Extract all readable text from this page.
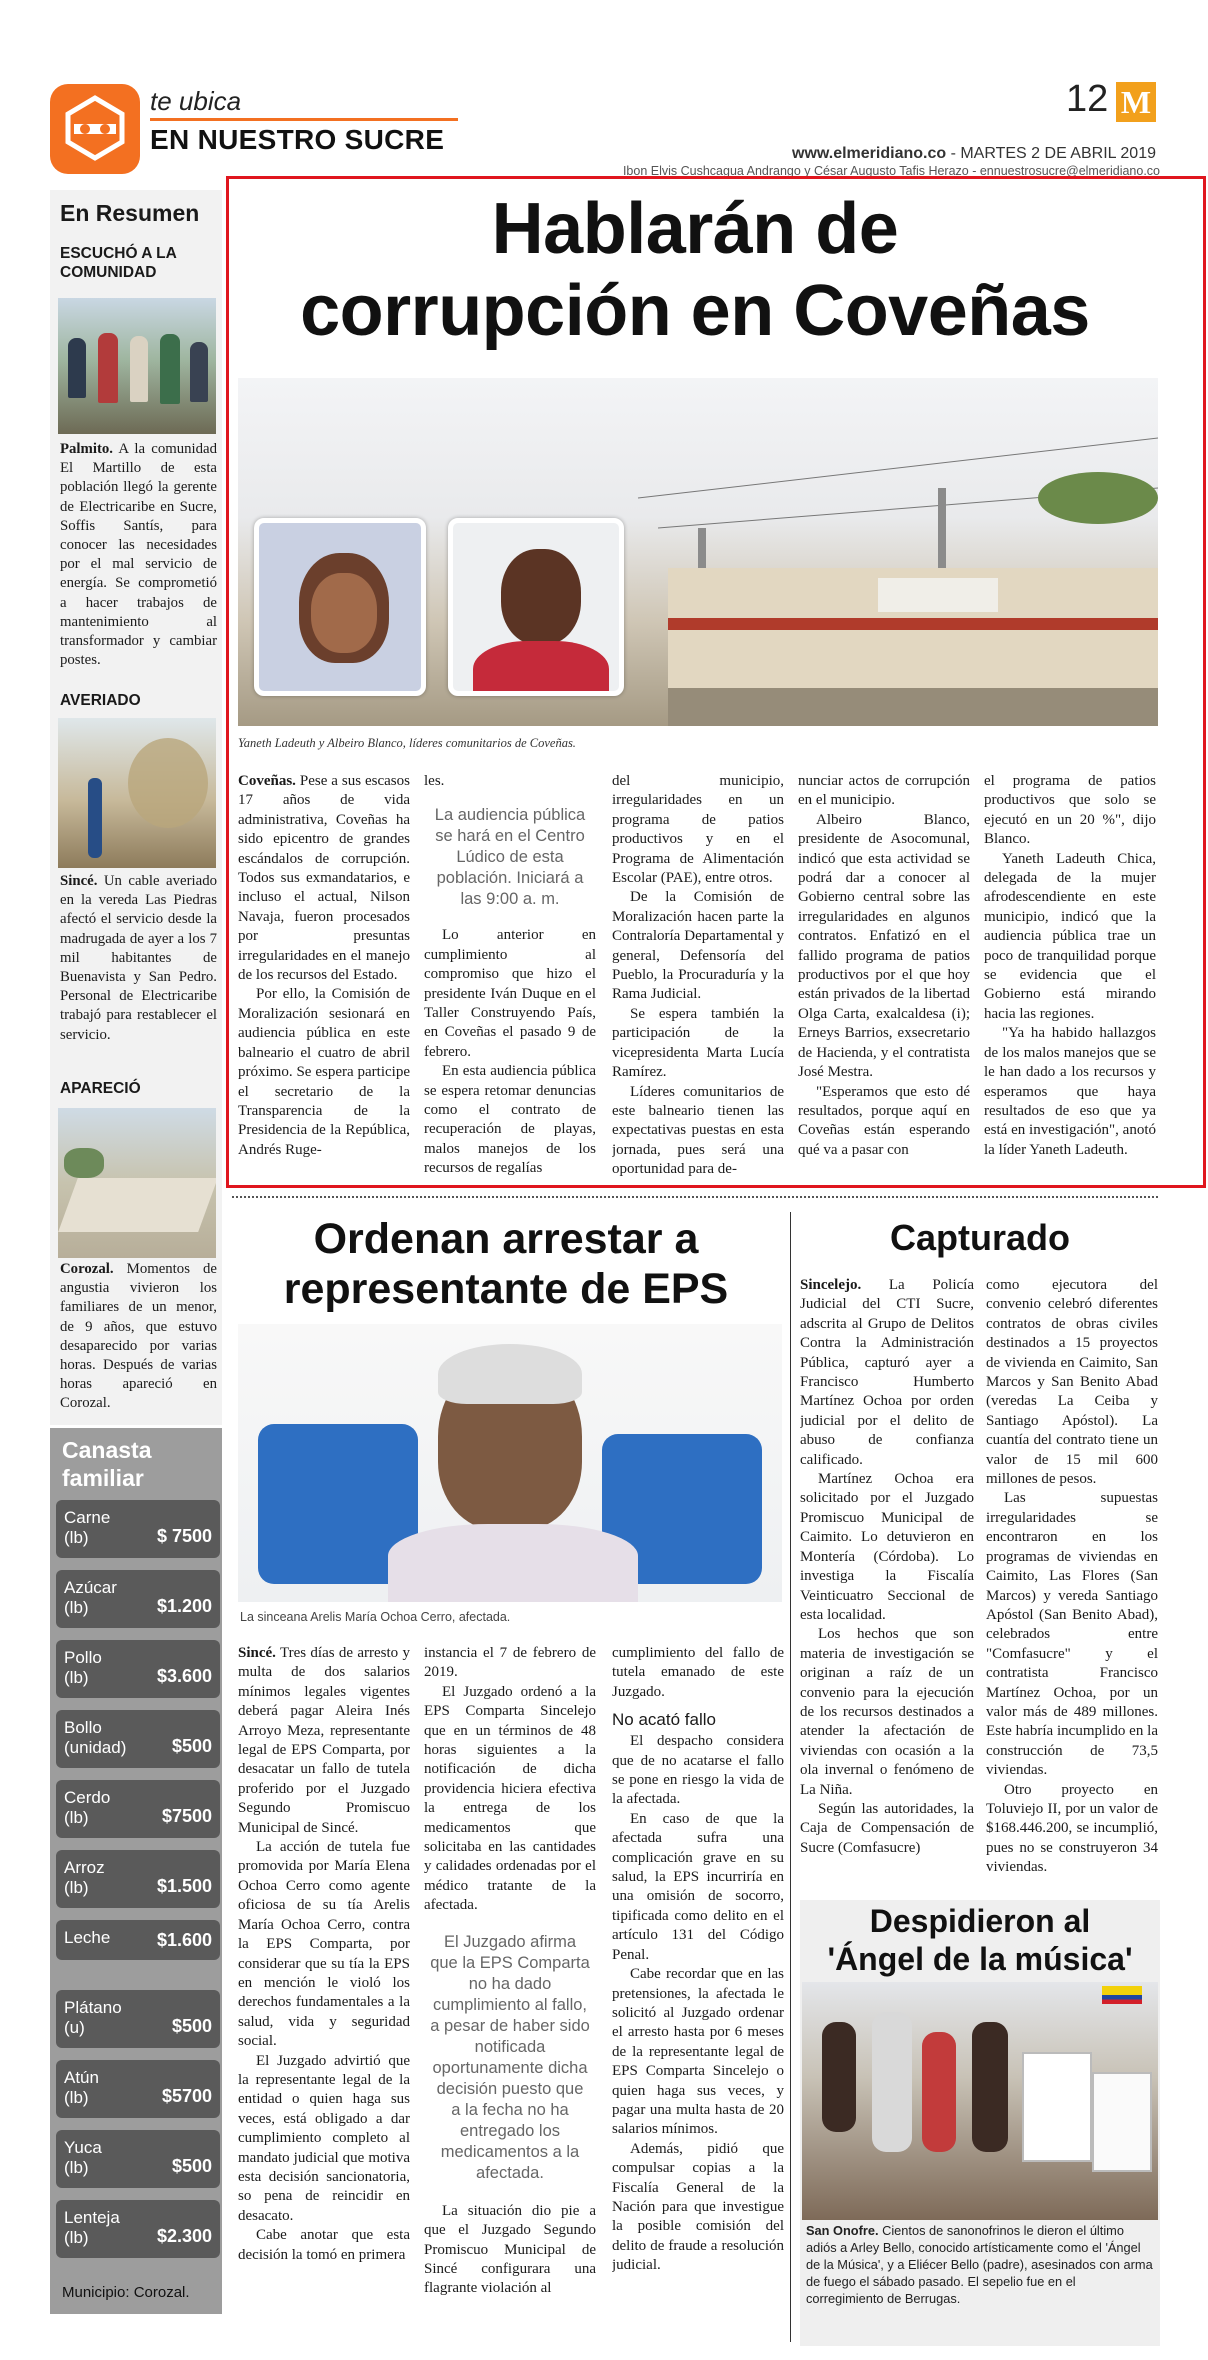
te ubica
EN NUESTRO SUCRE
12 M
www.elmeridiano.co - MARTES 2 DE ABRIL 2019
Ibon Elvis Cushcagua Andrango y César Augusto Tafis Herazo - ennuestrosucre@elmeridiano.co
En Resumen
ESCUCHÓ A LA COMUNIDAD
Palmito. A la comunidad El Martillo de esta población llegó la gerente de Electricaribe en Sucre, Soffis Santís, para conocer las necesidades por el mal servicio de energía. Se comprometió a hacer trabajos de mantenimiento al transformador y cambiar postes.
AVERIADO
Sincé. Un cable averiado en la vereda Las Piedras afectó el servicio desde la madrugada de ayer a los 7 mil habitantes de Buenavista y San Pedro. Personal de Electricaribe trabajó para restablecer el servicio.
APARECIÓ
Corozal. Momentos de angustia vivieron los familiares de un menor, de 9 años, que estuvo desaparecido por varias horas. Después de varias horas apareció en Corozal.
Canasta
familiar
Carne
(lb)	$ 7500
Azúcar
(lb)	$1.200
Pollo
(lb)	$3.600
Bollo
(unidad)	$500
Cerdo
(lb)	$7500
Arroz
(lb)	$1.500
Leche	$1.600
Plátano
(u)	$500
Atún
(lb)	$5700
Yuca
(lb)	$500
Lenteja
(lb)	$2.300
Municipio: Corozal.
Hablarán de
corrupción en Coveñas
Yaneth Ladeuth y Albeiro Blanco, líderes comunitarios de Coveñas.

Coveñas. Pese a sus escasos 17 años de vida administrativa, Coveñas ha sido epicentro de grandes escándalos de corrupción. Todos sus exmandatarios, e incluso el actual, Nilson Navaja, fueron procesados por presuntas irregularidades en el manejo de los recursos del Estado.

Por ello, la Comisión de Moralización sesionará en audiencia pública en este balneario el cuatro de abril próximo. Se espera participe el secretario de la Transparencia de la Presidencia de la República, Andrés Ruge-

les.

La audiencia pública se hará en el Centro Lúdico de esta población. Iniciará a las 9:00 a. m.

Lo anterior en cumplimiento al compromiso que hizo el presidente Iván Duque en el Taller Construyendo País, en Coveñas el pasado 9 de febrero.

En esta audiencia pública se espera retomar denuncias como el contrato de recuperación de playas, malos manejos de los recursos de regalías

del municipio, irregularidades en un programa de patios productivos y en el Programa de Alimentación Escolar (PAE), entre otros.

De la Comisión de Moralización hacen parte la Contraloría Departamental y general, Defensoría del Pueblo, la Procuraduría y la Rama Judicial.

Se espera también la participación de la vicepresidenta Marta Lucía Ramírez.

Líderes comunitarios de este balneario tienen las expectativas puestas en esta jornada, pues será una oportunidad para de-

nunciar actos de corrupción en el municipio.

Albeiro Blanco, presidente de Asocomunal, indicó que esta actividad se podrá dar a conocer al Gobierno central sobre las irregularidades en algunos contratos. Enfatizó en el fallido programa de patios productivos por el que hoy están privados de la libertad Olga Carta, exalcaldesa (i); Erneys Barrios, exsecretario de Hacienda, y el contratista José Mestra.

"Esperamos que esto dé resultados, porque aquí en Coveñas están esperando qué va a pasar con

el programa de patios productivos que solo se ejecutó en un 20 %", dijo Blanco.

Yaneth Ladeuth Chica, delegada de la mujer afrodescendiente en este municipio, indicó que la audiencia pública trae un poco de tranquilidad porque se evidencia que el Gobierno está mirando hacia las regiones.

"Ya ha habido hallazgos de los malos manejos que se le han dado a los recursos y esperamos que haya resultados de eso que ya está en investigación", anotó la líder Yaneth Ladeuth.

Ordenan arrestar a
representante de EPS
La sinceana Arelis María Ochoa Cerro, afectada.

Sincé. Tres días de arresto y multa de dos salarios mínimos legales vigentes deberá pagar Aleira Inés Arroyo Meza, representante legal de EPS Comparta, por desacatar un fallo de tutela proferido por el Juzgado Segundo Promiscuo Municipal de Sincé.

La acción de tutela fue promovida por María Elena Ochoa Cerro como agente oficiosa de su tía Arelis María Ochoa Cerro, contra la EPS Comparta, por considerar que su tía la EPS en mención le violó los derechos fundamentales a la salud, vida y seguridad social.

El Juzgado advirtió que la representante legal de la entidad o quien haga sus veces, está obligado a dar cumplimiento completo al mandato judicial que motiva esta decisión sancionatoria, so pena de reincidir en desacato.

Cabe anotar que esta decisión la tomó en primera

instancia el 7 de febrero de 2019.

El Juzgado ordenó a la EPS Comparta Sincelejo que en un términos de 48 horas siguientes a la notificación de dicha providencia hiciera efectiva la entrega de los medicamentos que solicitaba en las cantidades y calidades ordenadas por el médico tratante de la afectada.

El Juzgado afirma que la EPS Comparta no ha dado cumplimiento al fallo, a pesar de haber sido notificada oportunamente dicha decisión puesto que a la fecha no ha entregado los medicamentos a la afectada.

La situación dio pie a que el Juzgado Segundo Promiscuo Municipal de Sincé configurara una flagrante violación al

cumplimiento del fallo de tutela emanado de este Juzgado.

No acató fallo

El despacho considera que de no acatarse el fallo se pone en riesgo la vida de la afectada.

En caso de que la afectada sufra una complicación grave en su salud, la EPS incurriría en una omisión de socorro, tipificada como delito en el artículo 131 del Código Penal.

Cabe recordar que en las pretensiones, la afectada le solicitó al Juzgado ordenar el arresto hasta por 6 meses de la representante legal de EPS Comparta Sincelejo o quien haga sus veces, y pagar una multa hasta de 20 salarios mínimos.

Además, pidió que compulsar copias a la Fiscalía General de la Nación para que investigue la posible comisión del delito de fraude a resolución judicial.

Capturado

Sincelejo. La Policía Judicial del CTI Sucre, adscrita al Grupo de Delitos Contra la Administración Pública, capturó ayer a Francisco Humberto Martínez Ochoa por orden judicial por el delito de abuso de confianza calificado.

Martínez Ochoa era solicitado por el Juzgado Promiscuo Municipal de Caimito. Lo detuvieron en Montería (Córdoba). Lo investiga la Fiscalía Veinticuatro Seccional de esta localidad.

Los hechos que son materia de investigación se originan a raíz de un convenio para la ejecución de los recursos destinados a atender la afectación de viviendas con ocasión a la ola invernal o fenómeno de La Niña.

Según las autoridades, la Caja de Compensación de Sucre (Comfasucre)

como ejecutora del convenio celebró diferentes contratos de obras civiles destinados a 15 proyectos de vivienda en Caimito, San Marcos y San Benito Abad (veredas La Ceiba y Santiago Apóstol). La cuantía del contrato tiene un valor de 15 mil 600 millones de pesos.

Las supuestas irregularidades se encontraron en los programas de viviendas en Caimito, Las Flores (San Marcos) y vereda Santiago Apóstol (San Benito Abad), celebrados entre "Comfasucre" y el contratista Francisco Martínez Ochoa, por un valor más de 489 millones. Este habría incumplido en la construcción de 73,5 viviendas.

Otro proyecto en Toluviejo II, por un valor de $168.446.200, se incumplió, pues no se construyeron 34 viviendas.

Despidieron al
'Ángel de la música'
San Onofre. Cientos de sanonofrinos le dieron el último adiós a Arley Bello, conocido artísticamente como el 'Ángel de la Música', y a Eliécer Bello (padre), asesinados con arma de fuego el sábado pasado. El sepelio fue en el corregimiento de Berrugas.
